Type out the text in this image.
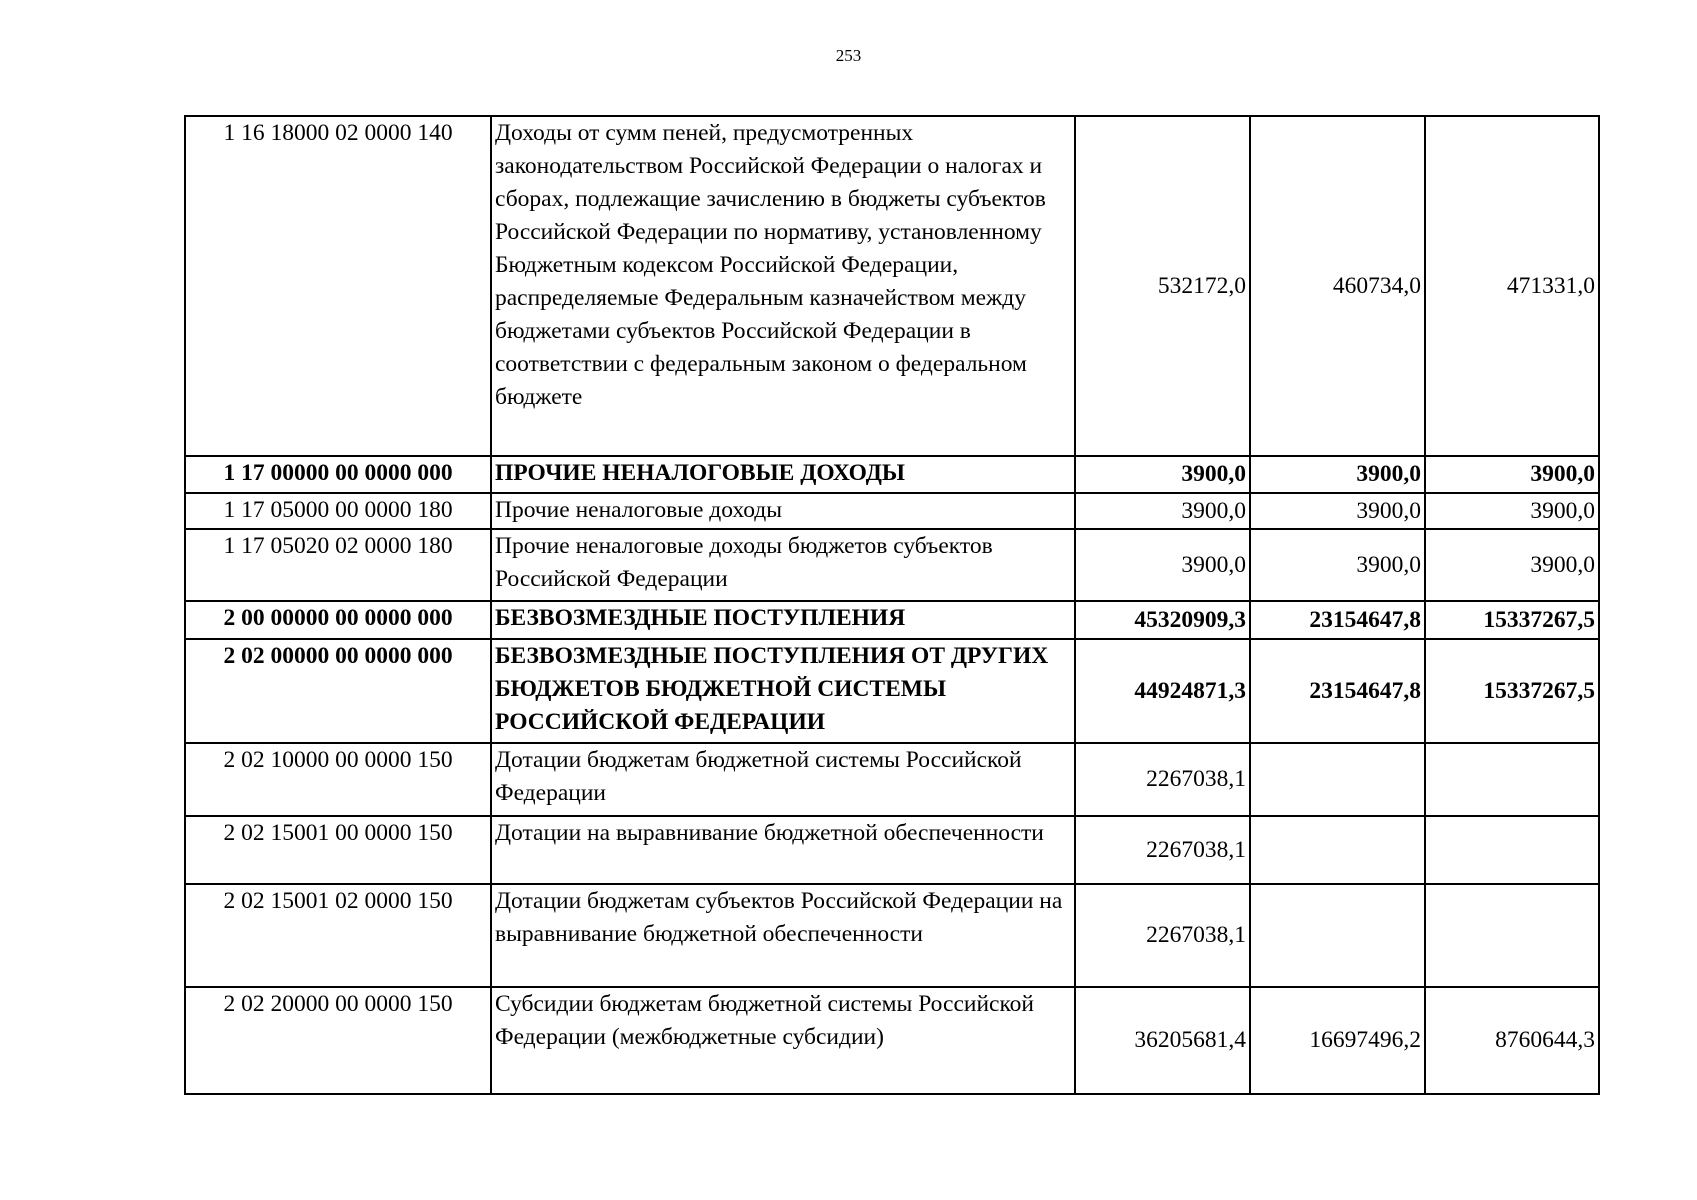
253
1 16 18000 02 0000 140	Доходы от сумм пеней, предусмотренных законодательством Российской Федерации о налогах и сборах, подлежащие зачислению в бюджеты субъектов Российской Федерации по нормативу, установленному Бюджетным кодексом Российской Федерации, распределяемые Федеральным казначейством между бюджетами субъектов Российской Федерации в соответствии с федеральным законом о федеральном бюджете	532172,0	460734,0	471331,0
1 17 00000 00 0000 000	ПРОЧИЕ НЕНАЛОГОВЫЕ ДОХОДЫ	3900,0	3900,0	3900,0
1 17 05000 00 0000 180	Прочие неналоговые доходы	3900,0	3900,0	3900,0
1 17 05020 02 0000 180	Прочие неналоговые доходы бюджетов субъектов Российской Федерации	3900,0	3900,0	3900,0
2 00 00000 00 0000 000	БЕЗВОЗМЕЗДНЫЕ ПОСТУПЛЕНИЯ	45320909,3	23154647,8	15337267,5
2 02 00000 00 0000 000	БЕЗВОЗМЕЗДНЫЕ ПОСТУПЛЕНИЯ ОТ ДРУГИХ БЮДЖЕТОВ БЮДЖЕТНОЙ СИСТЕМЫ РОССИЙСКОЙ ФЕДЕРАЦИИ	44924871,3	23154647,8	15337267,5
2 02 10000 00 0000 150	Дотации бюджетам бюджетной системы Российской Федерации	2267038,1		
2 02 15001 00 0000 150	Дотации на выравнивание бюджетной обеспеченности	2267038,1		
2 02 15001 02 0000 150	Дотации бюджетам субъектов Российской Федерации на выравнивание бюджетной обеспеченности	2267038,1		
2 02 20000 00 0000 150	Субсидии бюджетам бюджетной системы Российской Федерации (межбюджетные субсидии)	36205681,4	16697496,2	8760644,3
